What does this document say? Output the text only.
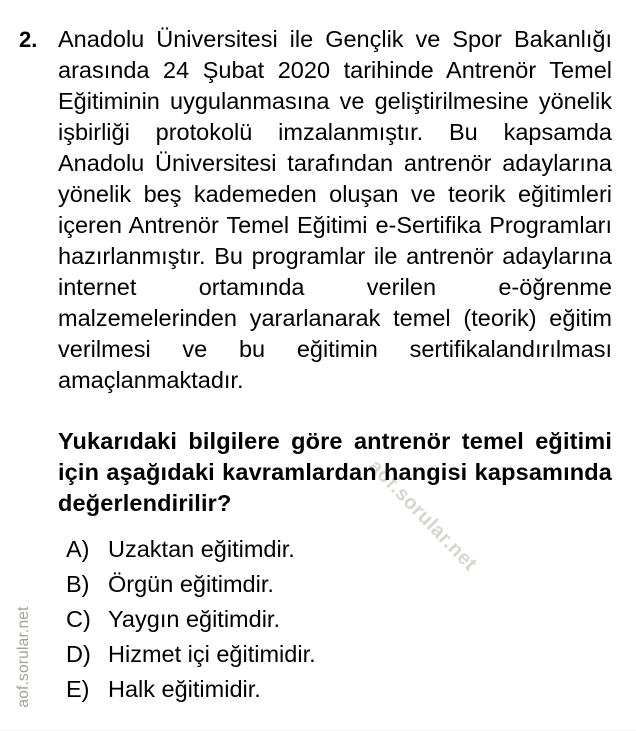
aof.sorular.net
aof.sorular.net
2. Anadolu Üniversitesi ile Gençlik ve Spor Bakanlığı arasında 24 Şubat 2020 tarihinde Antrenör Temel Eğitiminin uygulanmasına ve geliştirilmesine yönelik işbirliği protokolü imzalanmıştır. Bu kapsamda Anadolu Üniversitesi tarafından antrenör adaylarına yönelik beş kademeden oluşan ve teorik eğitimleri içeren Antrenör Temel Eğitimi e-Sertifika Programları hazırlanmıştır. Bu programlar ile antrenör adaylarına internet ortamında verilen e-öğrenme malzemelerinden yararlanarak temel (teorik) eğitim verilmesi ve bu eğitimin sertifikalandırılması amaçlanmaktadır.

Yukarıdaki bilgilere göre antrenör temel eğitimi için aşağıdaki kavramlardan hangisi kapsamında değerlendirilir?

A) Uzaktan eğitimdir.
B) Örgün eğitimdir.
C) Yaygın eğitimdir.
D) Hizmet içi eğitimidir.
E) Halk eğitimidir.
